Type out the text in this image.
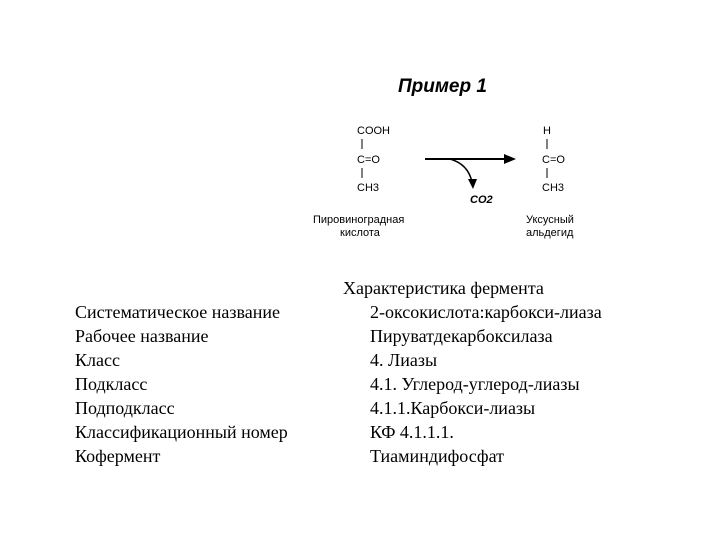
Пример 1
COOH
C=O
CH3
CO2
H
C=O
CH3
Пировиноградная
кислота
Уксусный
альдегид
Характеристика фермента
Систематическое название	2-оксокислота:карбокси-лиаза
Рабочее название	Пируватдекарбоксилаза
Класс	4. Лиазы
Подкласс	4.1. Углерод-углерод-лиазы
Подподкласс	4.1.1.Карбокси-лиазы
Классификационный номер	КФ 4.1.1.1.
Кофермент	Тиаминдифосфат
